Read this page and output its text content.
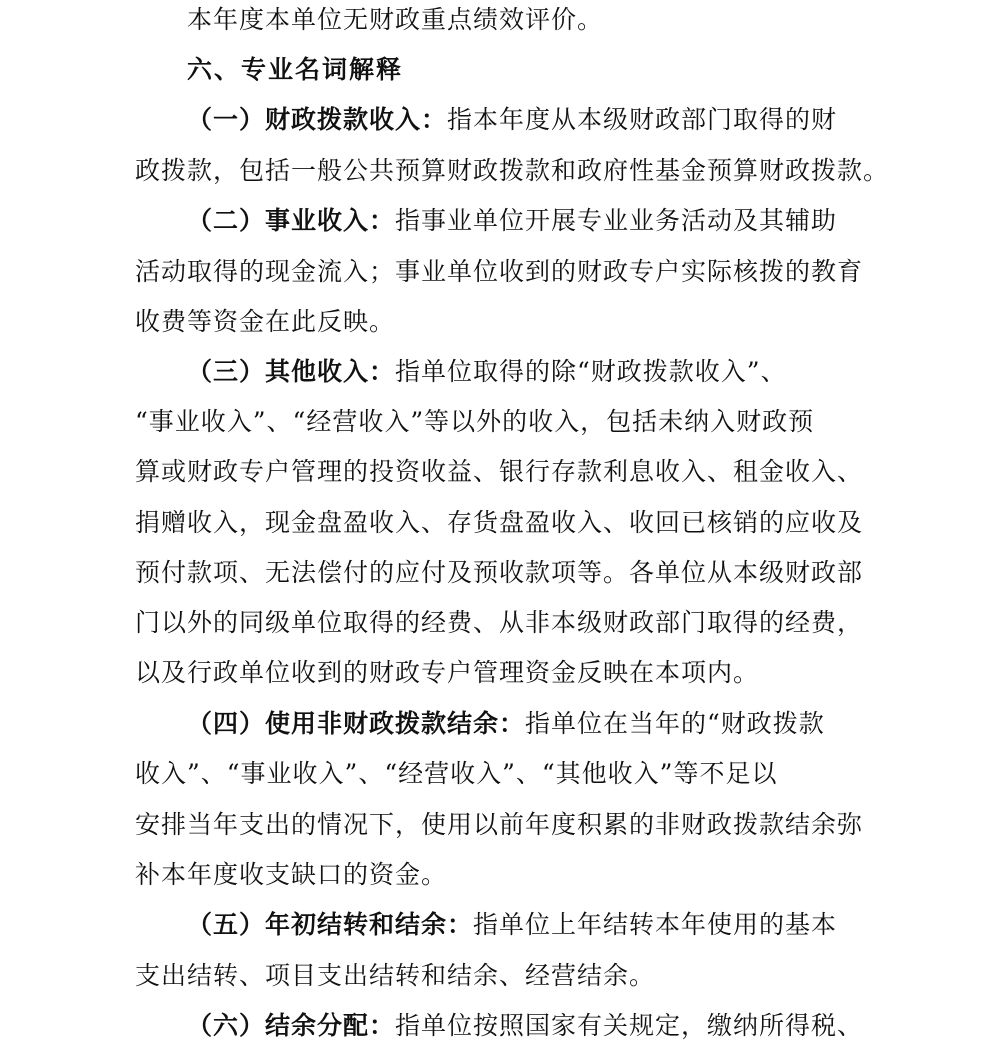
本年度本单位无财政重点绩效评价。
六、专业名词解释
（一）财政拨款收入：指本年度从本级财政部门取得的财
政拨款，包括一般公共预算财政拨款和政府性基金预算财政拨款。
（二）事业收入：指事业单位开展专业业务活动及其辅助
活动取得的现金流入；事业单位收到的财政专户实际核拨的教育
收费等资金在此反映。
（三）其他收入：指单位取得的除“财政拨款收入”、
“事业收入”、“经营收入”等以外的收入，包括未纳入财政预
算或财政专户管理的投资收益、银行存款利息收入、租金收入、
捐赠收入，现金盘盈收入、存货盘盈收入、收回已核销的应收及
预付款项、无法偿付的应付及预收款项等。各单位从本级财政部
门以外的同级单位取得的经费、从非本级财政部门取得的经费，
以及行政单位收到的财政专户管理资金反映在本项内。
（四）使用非财政拨款结余：指单位在当年的“财政拨款
收入”、“事业收入”、“经营收入”、“其他收入”等不足以
安排当年支出的情况下，使用以前年度积累的非财政拨款结余弥
补本年度收支缺口的资金。
（五）年初结转和结余：指单位上年结转本年使用的基本
支出结转、项目支出结转和结余、经营结余。
（六）结余分配：指单位按照国家有关规定，缴纳所得税、
